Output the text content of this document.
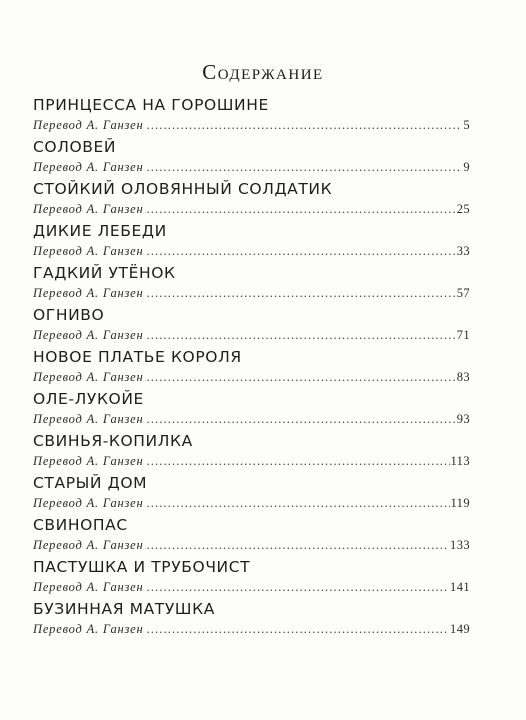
Содержание
ПРИНЦЕССА НА ГОРОШИНЕ
Перевод А. Ганзен . . .	5
СОЛОВЕЙ
Перевод А. Ганзен . . .	9
СТОЙКИЙ ОЛОВЯННЫЙ СОЛДАТИК
Перевод А. Ганзен . . .	25
ДИКИЕ ЛЕБЕДИ
Перевод А. Ганзен . . .	33
ГАДКИЙ УТЁНОК
Перевод А. Ганзен . . .	57
ОГНИВО
Перевод А. Ганзен . . .	71
НОВОЕ ПЛАТЬЕ КОРОЛЯ
Перевод А. Ганзен . . .	83
ОЛЕ-ЛУКОЙЕ
Перевод А. Ганзен . . .	93
СВИНЬЯ-КОПИЛКА
Перевод А. Ганзен . . .	113
СТАРЫЙ ДОМ
Перевод А. Ганзен . . .	119
СВИНОПАС
Перевод А. Ганзен . . .	133
ПАСТУШКА И ТРУБОЧИСТ
Перевод А. Ганзен . . .	141
БУЗИННАЯ МАТУШКА
Перевод А. Ганзен . . .	149
